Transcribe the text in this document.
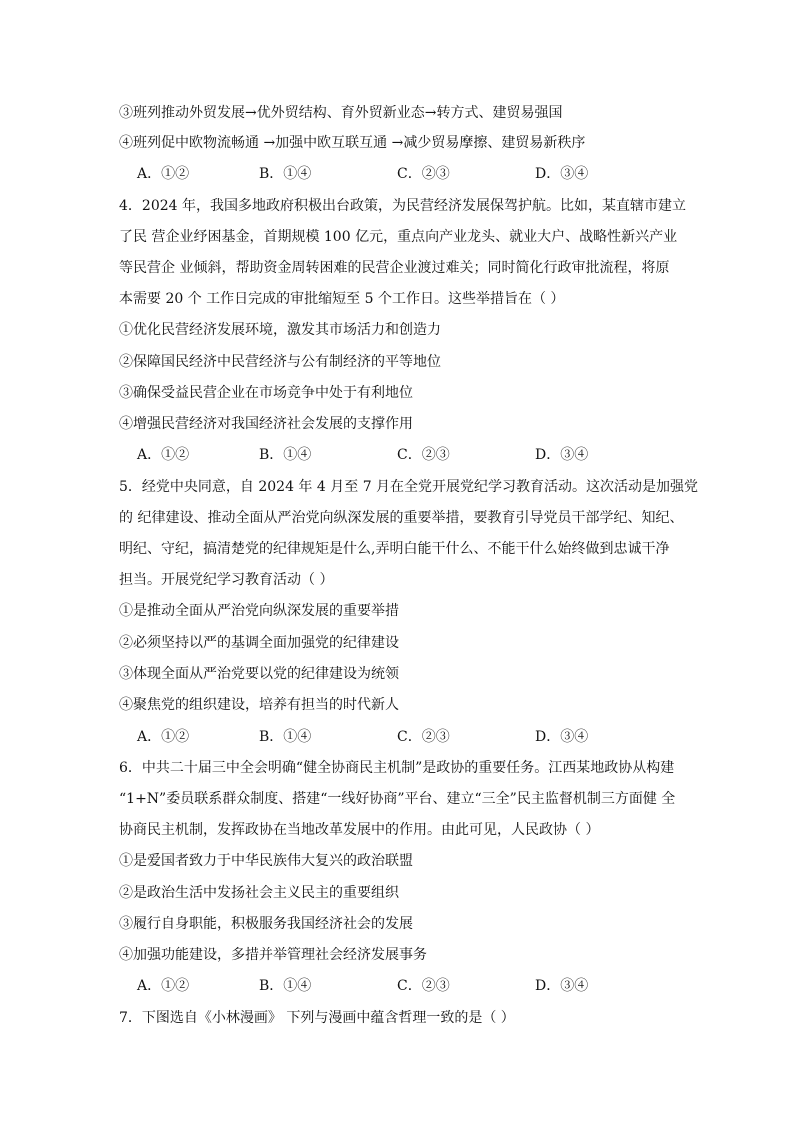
③班列推动外贸发展→优外贸结构、育外贸新业态→转方式、建贸易强国
④班列促中欧物流畅通 →加强中欧互联互通 →减少贸易摩擦、建贸易新秩序
A．①②	B．①④	C．②③	D．③④
4．2024 年，我国多地政府积极出台政策，为民营经济发展保驾护航。比如，某直辖市建立
了民 营企业纾困基金，首期规模 100 亿元，重点向产业龙头、就业大户、战略性新兴产业
等民营企 业倾斜，帮助资金周转困难的民营企业渡过难关；同时简化行政审批流程，将原
本需要 20 个 工作日完成的审批缩短至 5 个工作日。这些举措旨在（ ）
①优化民营经济发展环境，激发其市场活力和创造力
②保障国民经济中民营经济与公有制经济的平等地位
③确保受益民营企业在市场竞争中处于有利地位
④增强民营经济对我国经济社会发展的支撑作用
A．①②	B．①④	C．②③	D．③④
5．经党中央同意，自 2024 年 4 月至 7 月在全党开展党纪学习教育活动。这次活动是加强党
的 纪律建设、推动全面从严治党向纵深发展的重要举措，要教育引导党员干部学纪、知纪、
明纪、守纪，搞清楚党的纪律规矩是什么,弄明白能干什么、不能干什么始终做到忠诚干净
担当。开展党纪学习教育活动（ ）
①是推动全面从严治党向纵深发展的重要举措
②必须坚持以严的基调全面加强党的纪律建设
③体现全面从严治党要以党的纪律建设为统领
④聚焦党的组织建设，培养有担当的时代新人
A．①②	B．①④	C．②③	D．③④
6．中共二十届三中全会明确“健全协商民主机制”是政协的重要任务。江西某地政协从构建
“1+N”委员联系群众制度、搭建“一线好协商”平台、建立“三全”民主监督机制三方面健 全
协商民主机制，发挥政协在当地改革发展中的作用。由此可见，人民政协（ ）
①是爱国者致力于中华民族伟大复兴的政治联盟
②是政治生活中发扬社会主义民主的重要组织
③履行自身职能，积极服务我国经济社会的发展
④加强功能建设，多措并举管理社会经济发展事务
A．①②	B．①④	C．②③	D．③④
7．下图选自《小林漫画》 下列与漫画中蕴含哲理一致的是（ ）
